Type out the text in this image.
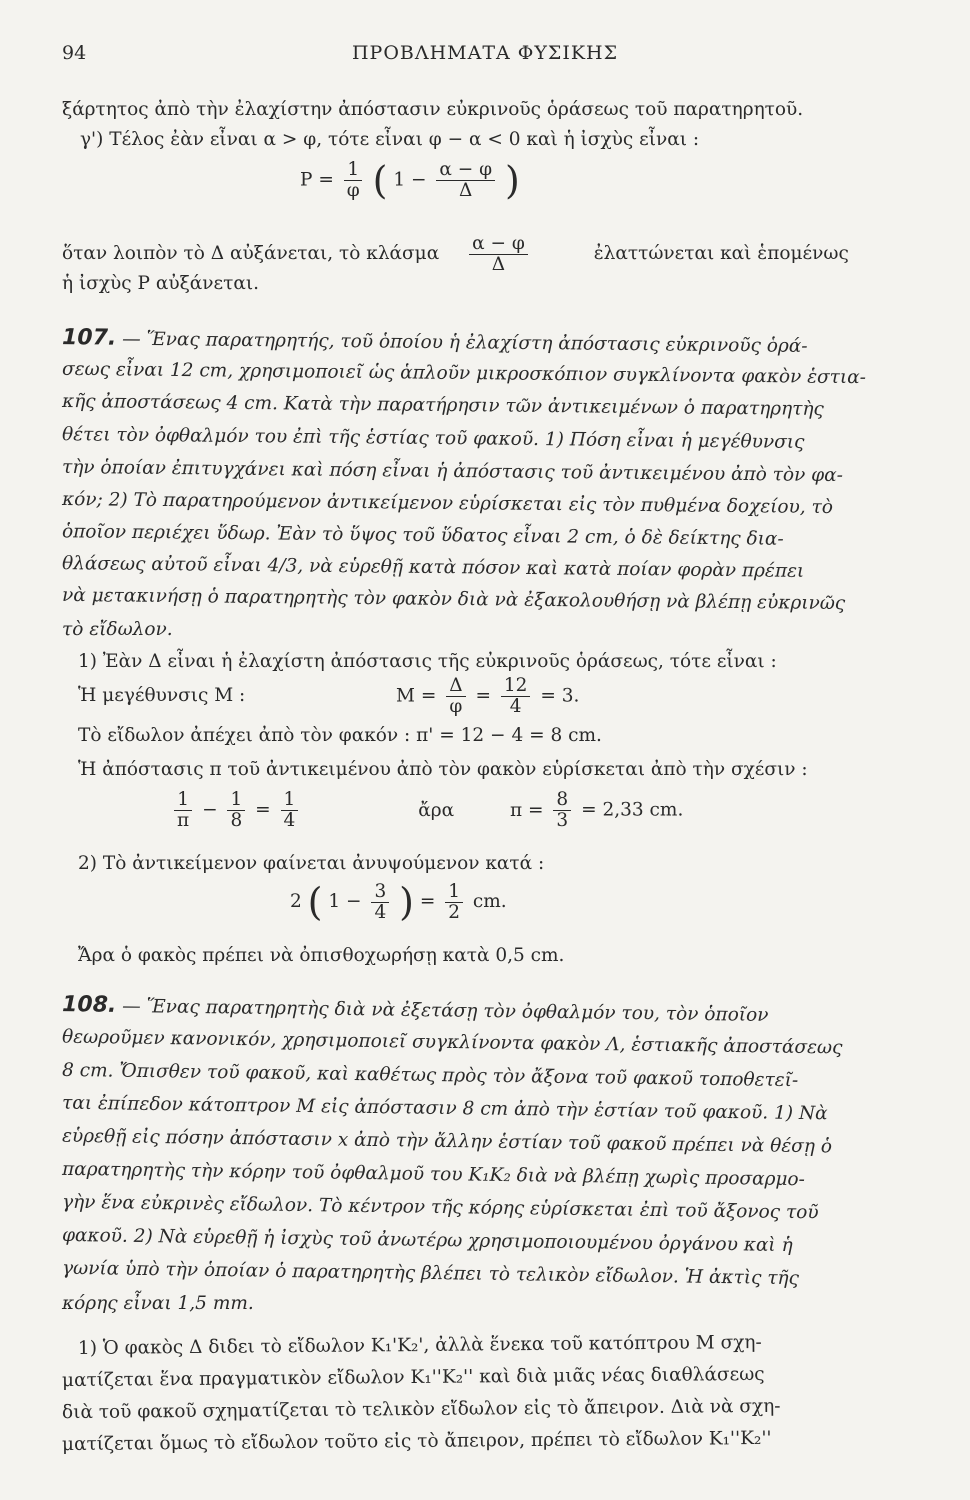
94	ΠΡΟΒΛΗΜΑΤΑ ΦΥΣΙΚΗΣ
ξάρτητος ἀπὸ τὴν ἐλαχίστην ἀπόστασιν εὐκρινοῦς ὁράσεως τοῦ παρατηρητοῦ.
γ') Τέλος ἐὰν εἶναι α > φ, τότε εἶναι φ − α < 0 καὶ ἡ ἰσχὺς εἶναι :
$P = \frac{1}{\varphi}$ ( $1 - \frac{\alpha - \varphi}{\Delta}$ )
ὅταν λοιπὸν τὸ Δ αὐξάνεται, τὸ κλάσμα $\frac{\alpha - \varphi}{\Delta}$	ἐλαττώνεται καὶ ἑπομένως
ἡ ἰσχὺς P αὐξάνεται.
107. — Ἕνας παρατηρητής, τοῦ ὁποίου ἡ ἐλαχίστη ἀπόστασις εὐκρινοῦς ὁρά-
σεως εἶναι 12 cm, χρησιμοποιεῖ ὡς ἁπλοῦν μικροσκόπιον συγκλίνοντα φακὸν ἑστια-
κῆς ἀποστάσεως 4 cm. Κατὰ τὴν παρατήρησιν τῶν ἀντικειμένων ὁ παρατηρητὴς
θέτει τὸν ὀφθαλμόν του ἐπὶ τῆς ἑστίας τοῦ φακοῦ. 1) Πόση εἶναι ἡ μεγέθυνσις
τὴν ὁποίαν ἐπιτυγχάνει καὶ πόση εἶναι ἡ ἀπόστασις τοῦ ἀντικειμένου ἀπὸ τὸν φα-
κόν; 2) Τὸ παρατηρούμενον ἀντικείμενον εὑρίσκεται εἰς τὸν πυθμένα δοχείου, τὸ
ὁποῖον περιέχει ὕδωρ. Ἐὰν τὸ ὕψος τοῦ ὕδατος εἶναι 2 cm, ὁ δὲ δείκτης δια-
θλάσεως αὐτοῦ εἶναι 4/3, νὰ εὑρεθῇ κατὰ πόσον καὶ κατὰ ποίαν φορὰν πρέπει
νὰ μετακινήσῃ ὁ παρατηρητὴς τὸν φακὸν διὰ νὰ ἐξακολουθήσῃ νὰ βλέπῃ εὐκρινῶς
τὸ εἴδωλον.
1) Ἐὰν Δ εἶναι ἡ ἐλαχίστη ἀπόστασις τῆς εὐκρινοῦς ὁράσεως, τότε εἶναι :
Ἡ μεγέθυνσις M :	$M = \frac{\Delta}{\varphi} = \frac{12}{4} = 3$.
Τὸ εἴδωλον ἀπέχει ἀπὸ τὸν φακόν : π' = 12 − 4 = 8 cm.
Ἡ ἀπόστασις π τοῦ ἀντικειμένου ἀπὸ τὸν φακὸν εὑρίσκεται ἀπὸ τὴν σχέσιν :
$\frac{1}{\pi} - \frac{1}{8} = \frac{1}{4}$	ἄρα	$\pi = \frac{8}{3} = 2,33$ cm.
2) Τὸ ἀντικείμενον φαίνεται ἀνυψούμενον κατά :
2 ( $1 - \frac{3}{4}$ ) = $\frac{1}{2}$ cm.
Ἄρα ὁ φακὸς πρέπει νὰ ὀπισθοχωρήσῃ κατὰ 0,5 cm.
108. — Ἕνας παρατηρητὴς διὰ νὰ ἐξετάσῃ τὸν ὀφθαλμόν του, τὸν ὁποῖον
θεωροῦμεν κανονικόν, χρησιμοποιεῖ συγκλίνοντα φακὸν Λ, ἑστιακῆς ἀποστάσεως
8 cm. Ὄπισθεν τοῦ φακοῦ, καὶ καθέτως πρὸς τὸν ἄξονα τοῦ φακοῦ τοποθετεῖ-
ται ἐπίπεδον κάτοπτρον M εἰς ἀπόστασιν 8 cm ἀπὸ τὴν ἑστίαν τοῦ φακοῦ. 1) Νὰ
εὑρεθῇ εἰς πόσην ἀπόστασιν x ἀπὸ τὴν ἄλλην ἑστίαν τοῦ φακοῦ πρέπει νὰ θέσῃ ὁ
παρατηρητὴς τὴν κόρην τοῦ ὀφθαλμοῦ του K₁K₂ διὰ νὰ βλέπῃ χωρὶς προσαρμο-
γὴν ἕνα εὐκρινὲς εἴδωλον. Τὸ κέντρον τῆς κόρης εὑρίσκεται ἐπὶ τοῦ ἄξονος τοῦ
φακοῦ. 2) Νὰ εὑρεθῇ ἡ ἰσχὺς τοῦ ἀνωτέρω χρησιμοποιουμένου ὀργάνου καὶ ἡ
γωνία ὑπὸ τὴν ὁποίαν ὁ παρατηρητὴς βλέπει τὸ τελικὸν εἴδωλον. Ἡ ἀκτὶς τῆς
κόρης εἶναι 1,5 mm.
1) Ὁ φακὸς Δ διδει τὸ εἴδωλον K₁'K₂', ἀλλὰ ἕνεκα τοῦ κατόπτρου M σχη-
ματίζεται ἕνα πραγματικὸν εἴδωλον K₁''K₂'' καὶ διὰ μιᾶς νέας διαθλάσεως
διὰ τοῦ φακοῦ σχηματίζεται τὸ τελικὸν εἴδωλον εἰς τὸ ἄπειρον. Διὰ νὰ σχη-
ματίζεται ὅμως τὸ εἴδωλον τοῦτο εἰς τὸ ἄπειρον, πρέπει τὸ εἴδωλον K₁''K₂''
